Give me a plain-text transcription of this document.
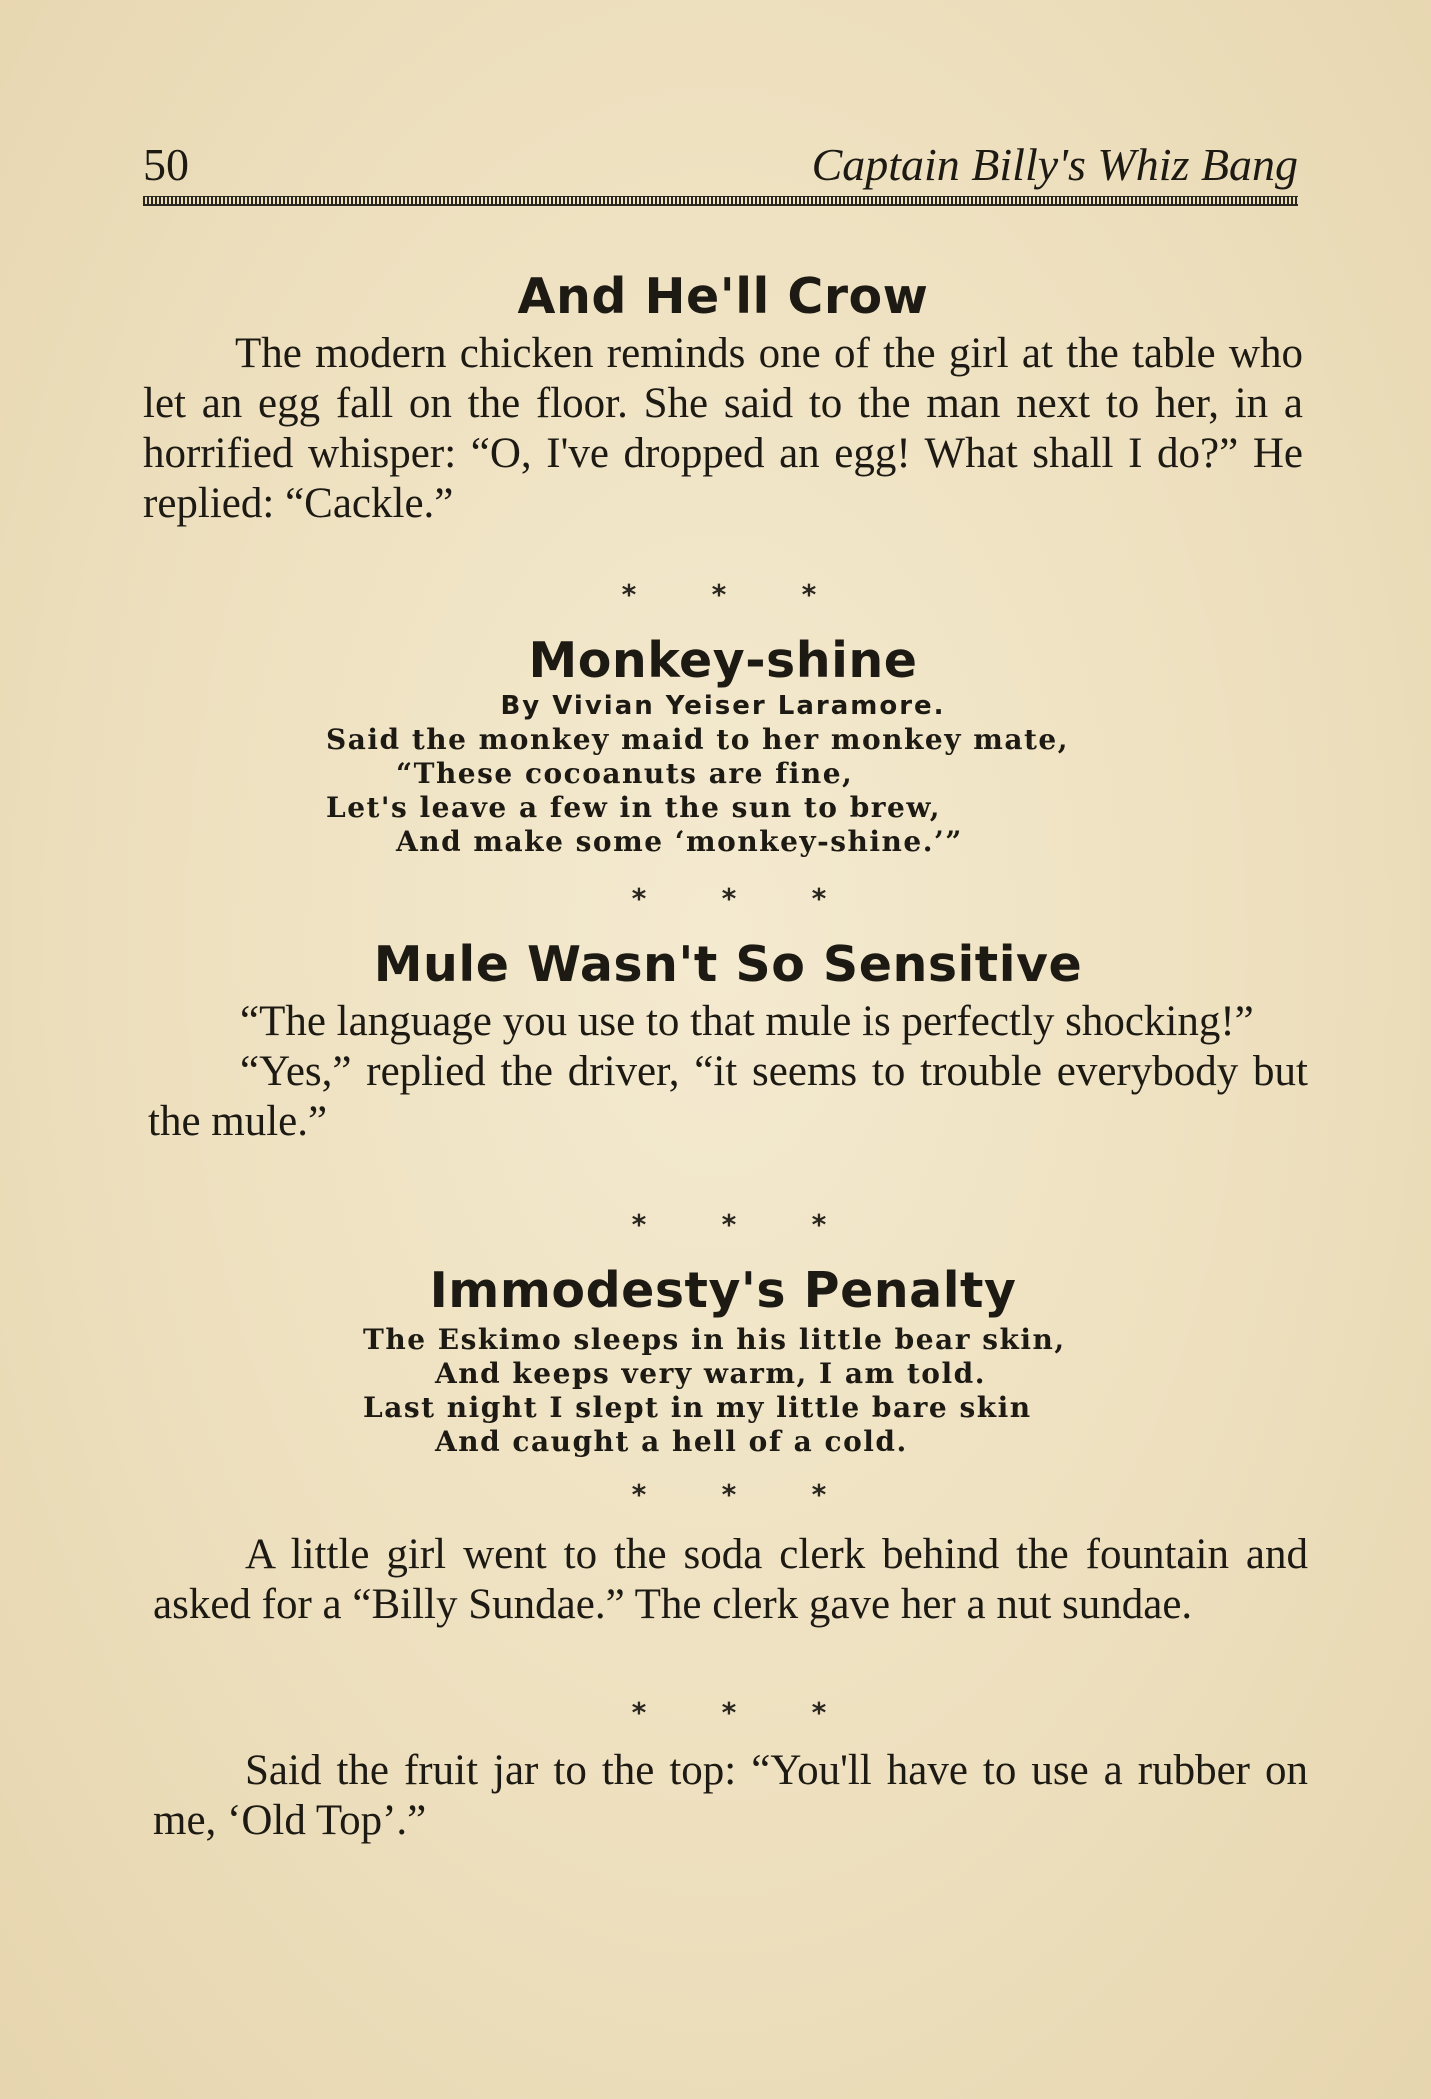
50	Captain Billy's Whiz Bang
And He'll Crow

The modern chicken reminds one of the girl at the table who let an egg fall on the floor. She said to the man next to her, in a horrified whisper: “O, I've dropped an egg! What shall I do?” He replied: “Cackle.”

*	*	*
Monkey-shine
By Vivian Yeiser Laramore.
Said the monkey maid to her monkey mate,
“These cocoanuts are fine,
Let's leave a few in the sun to brew,
And make some ‘monkey-shine.’”
*	*	*
Mule Wasn't So Sensitive

“The language you use to that mule is perfectly shocking!”

“Yes,” replied the driver, “it seems to trouble everybody but the mule.”

*	*	*
Immodesty's Penalty
The Eskimo sleeps in his little bear skin,
And keeps very warm, I am told.
Last night I slept in my little bare skin
And caught a hell of a cold.
*	*	*

A little girl went to the soda clerk behind the fountain and asked for a “Billy Sundae.” The clerk gave her a nut sundae.

*	*	*

Said the fruit jar to the top: “You'll have to use a rubber on me, ‘Old Top’.”
